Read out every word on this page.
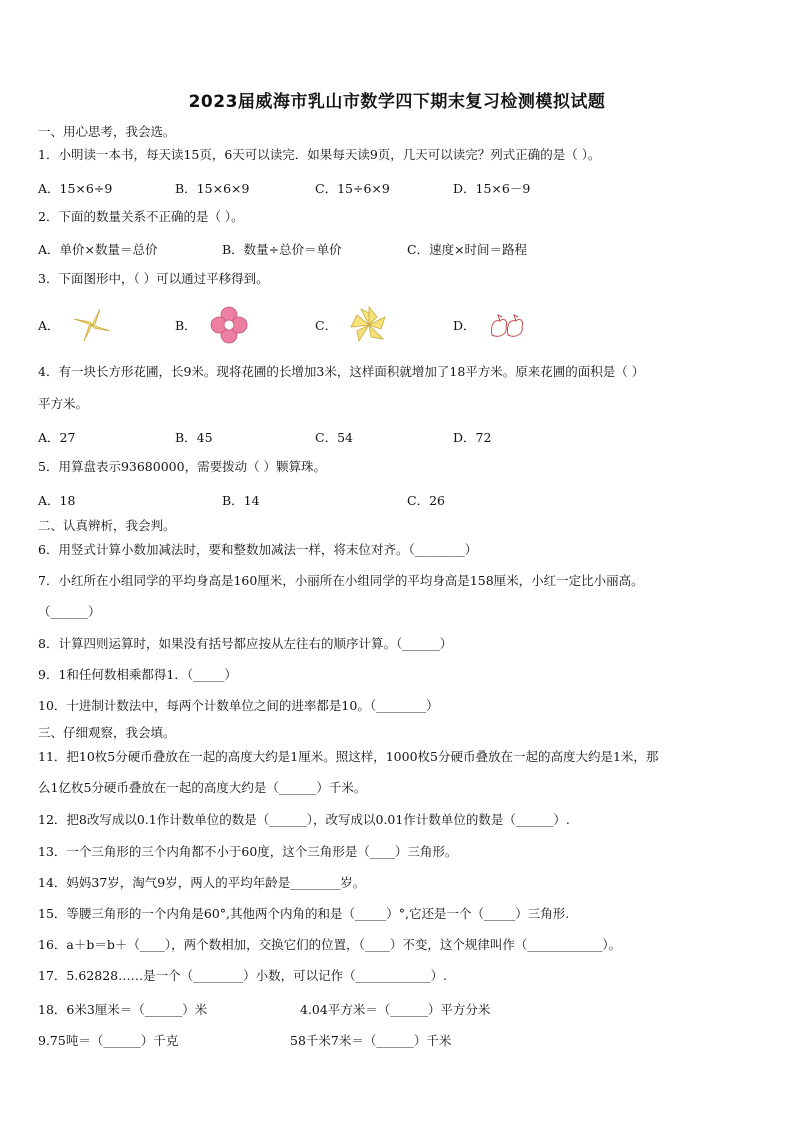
2023届威海市乳山市数学四下期末复习检测模拟试题
一、用心思考，我会选。
1．小明读一本书，每天读15页，6天可以读完．如果每天读9页，几天可以读完？列式正确的是（ ）。
A．15×6÷9	B．15×6×9	C．15÷6×9	D．15×6－9
2．下面的数量关系不正确的是（ ）。
A．单价×数量＝总价	B．数量÷总价＝单价	C．速度×时间＝路程
3．下面图形中，（ ）可以通过平移得到。
A．	B．	C．	D．
4．有一块长方形花圃，长9米。现将花圃的长增加3米，这样面积就增加了18平方米。原来花圃的面积是（ ）
平方米。
A．27	B．45	C．54	D．72
5．用算盘表示93680000，需要拨动（ ）颗算珠。
A．18	B．14	C．26
二、认真辨析，我会判。
6．用竖式计算小数加减法时，要和整数加减法一样，将末位对齐。（________）
7．小红所在小组同学的平均身高是160厘米，小丽所在小组同学的平均身高是158厘米，小红一定比小丽高。
（______）
8．计算四则运算时，如果没有括号都应按从左往右的顺序计算。（______）
9．1和任何数相乘都得1．（_____）
10．十进制计数法中，每两个计数单位之间的进率都是10。（________）
三、仔细观察，我会填。
11．把10枚5分硬币叠放在一起的高度大约是1厘米。照这样，1000枚5分硬币叠放在一起的高度大约是1米，那
么1亿枚5分硬币叠放在一起的高度大约是（______）千米。
12．把8改写成以0.1作计数单位的数是（______），改写成以0.01作计数单位的数是（______）.
13．一个三角形的三个内角都不小于60度，这个三角形是（____）三角形。
14．妈妈37岁，淘气9岁，两人的平均年龄是________岁。
15．等腰三角形的一个内角是60°,其他两个内角的和是（_____）°,它还是一个（_____）三角形.
16．a＋b＝b＋（____），两个数相加，交换它们的位置，（____）不变，这个规律叫作（____________）。
17．5.62828……是一个（________）小数，可以记作（____________）.
18．6米3厘米＝（______）米	4.04平方米＝（______）平方分米
9.75吨＝（______）千克	58千米7米＝（______）千米
